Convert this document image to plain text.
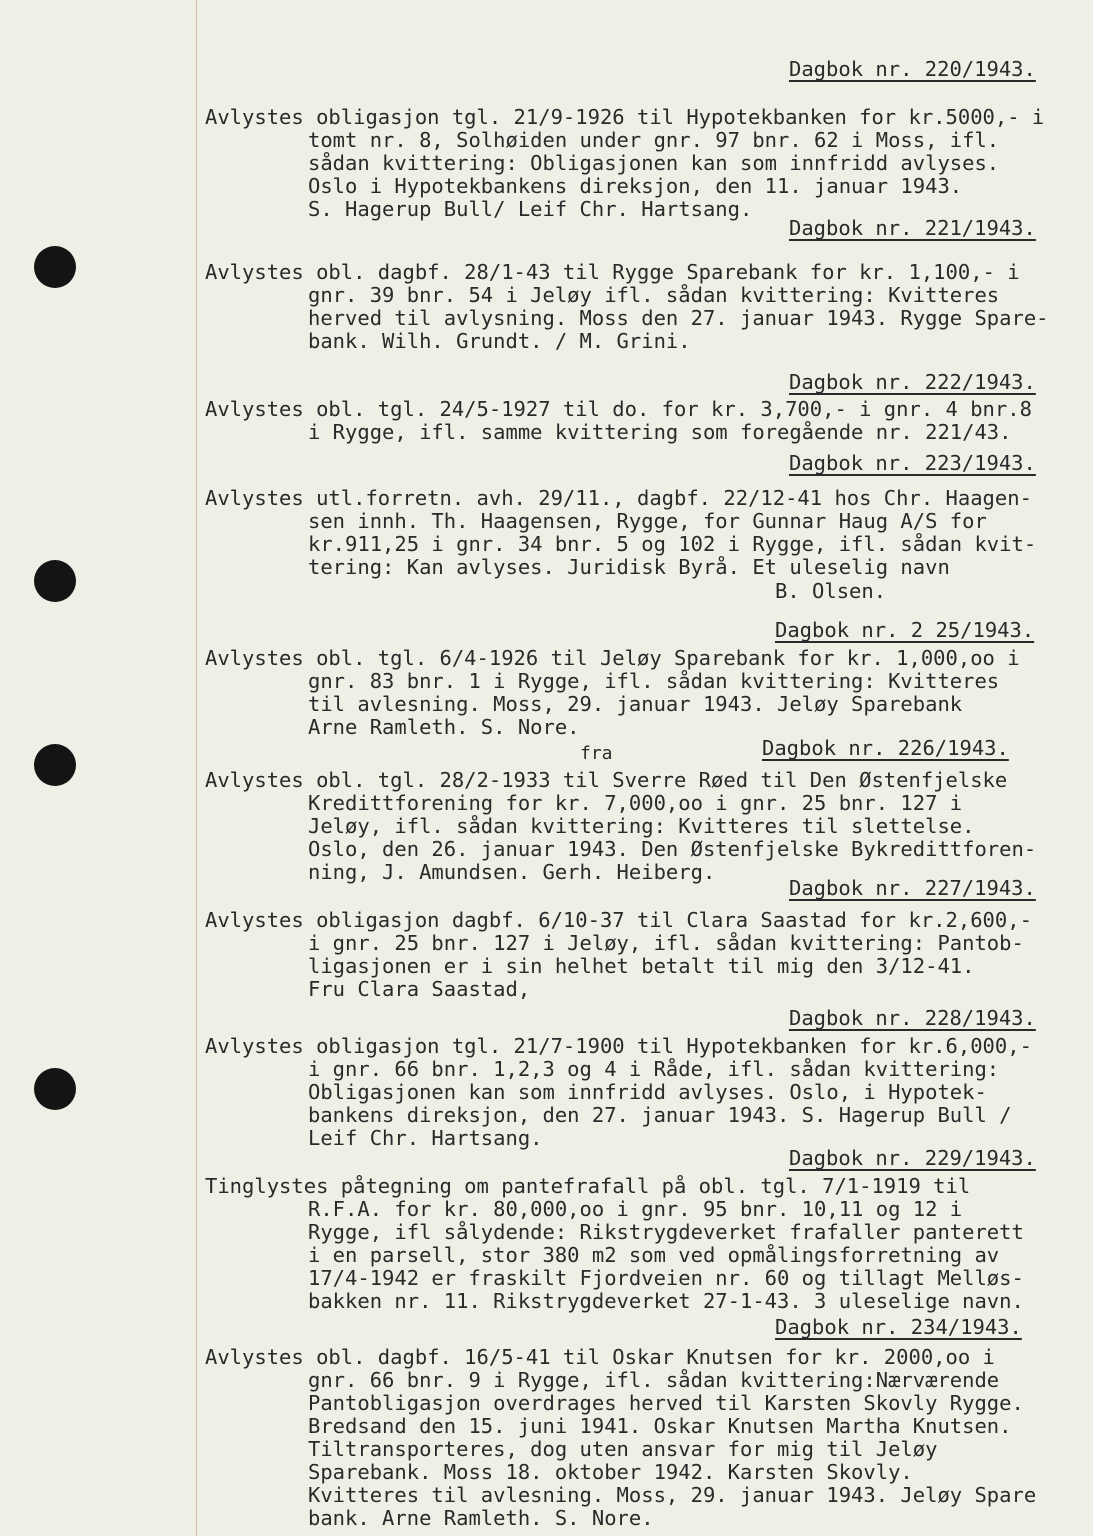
Dagbok nr. 220/1943.
Avlystes obligasjon tgl. 21/9-1926 til Hypotekbanken for kr.5000,- i
tomt nr. 8, Solhøiden under gnr. 97 bnr. 62 i Moss, ifl.
sådan kvittering: Obligasjonen kan som innfridd avlyses.
Oslo i Hypotekbankens direksjon, den 11. januar 1943.
S. Hagerup Bull/ Leif Chr. Hartsang.
Dagbok nr. 221/1943.
Avlystes obl. dagbf. 28/1-43 til Rygge Sparebank for kr. 1,100,- i
gnr. 39 bnr. 54 i Jeløy ifl. sådan kvittering: Kvitteres
herved til avlysning. Moss den 27. januar 1943. Rygge Spare-
bank. Wilh. Grundt. / M. Grini.
Dagbok nr. 222/1943.
Avlystes obl. tgl. 24/5-1927 til do. for kr. 3,700,- i gnr. 4 bnr.8
i Rygge, ifl. samme kvittering som foregående nr. 221/43.
Dagbok nr. 223/1943.
Avlystes utl.forretn. avh. 29/11., dagbf. 22/12-41 hos Chr. Haagen-
sen innh. Th. Haagensen, Rygge, for Gunnar Haug A/S for
kr.911,25 i gnr. 34 bnr. 5 og 102 i Rygge, ifl. sådan kvit-
tering: Kan avlyses. Juridisk Byrå. Et uleselig navn
B. Olsen.
Dagbok nr. 2 25/1943.
Avlystes obl. tgl. 6/4-1926 til Jeløy Sparebank for kr. 1,000,oo i
gnr. 83 bnr. 1 i Rygge, ifl. sådan kvittering: Kvitteres
til avlesning. Moss, 29. januar 1943. Jeløy Sparebank
Arne Ramleth. S. Nore.
Dagbok nr. 226/1943.
fra
Avlystes obl. tgl. 28/2-1933 til Sverre Røed til Den Østenfjelske
Kredittforening for kr. 7,000,oo i gnr. 25 bnr. 127 i
Jeløy, ifl. sådan kvittering: Kvitteres til slettelse.
Oslo, den 26. januar 1943. Den Østenfjelske Bykredittforen-
ning, J. Amundsen. Gerh. Heiberg.
Dagbok nr. 227/1943.
Avlystes obligasjon dagbf. 6/10-37 til Clara Saastad for kr.2,600,-
i gnr. 25 bnr. 127 i Jeløy, ifl. sådan kvittering: Pantob-
ligasjonen er i sin helhet betalt til mig den 3/12-41.
Fru Clara Saastad,
Dagbok nr. 228/1943.
Avlystes obligasjon tgl. 21/7-1900 til Hypotekbanken for kr.6,000,-
i gnr. 66 bnr. 1,2,3 og 4 i Råde, ifl. sådan kvittering:
Obligasjonen kan som innfridd avlyses. Oslo, i Hypotek-
bankens direksjon, den 27. januar 1943. S. Hagerup Bull /
Leif Chr. Hartsang.
Dagbok nr. 229/1943.
Tinglystes påtegning om pantefrafall på obl. tgl. 7/1-1919 til
R.F.A. for kr. 80,000,oo i gnr. 95 bnr. 10,11 og 12 i
Rygge, ifl sålydende: Rikstrygdeverket frafaller panterett
i en parsell, stor 380 m2 som ved opmålingsforretning av
17/4-1942 er fraskilt Fjordveien nr. 60 og tillagt Melløs-
bakken nr. 11. Rikstrygdeverket 27-1-43. 3 uleselige navn.
Dagbok nr. 234/1943.
Avlystes obl. dagbf. 16/5-41 til Oskar Knutsen for kr. 2000,oo i
gnr. 66 bnr. 9 i Rygge, ifl. sådan kvittering:Nærværende
Pantobligasjon overdrages herved til Karsten Skovly Rygge.
Bredsand den 15. juni 1941. Oskar Knutsen Martha Knutsen.
Tiltransporteres, dog uten ansvar for mig til Jeløy
Sparebank. Moss 18. oktober 1942. Karsten Skovly.
Kvitteres til avlesning. Moss, 29. januar 1943. Jeløy Spare
bank. Arne Ramleth. S. Nore.
